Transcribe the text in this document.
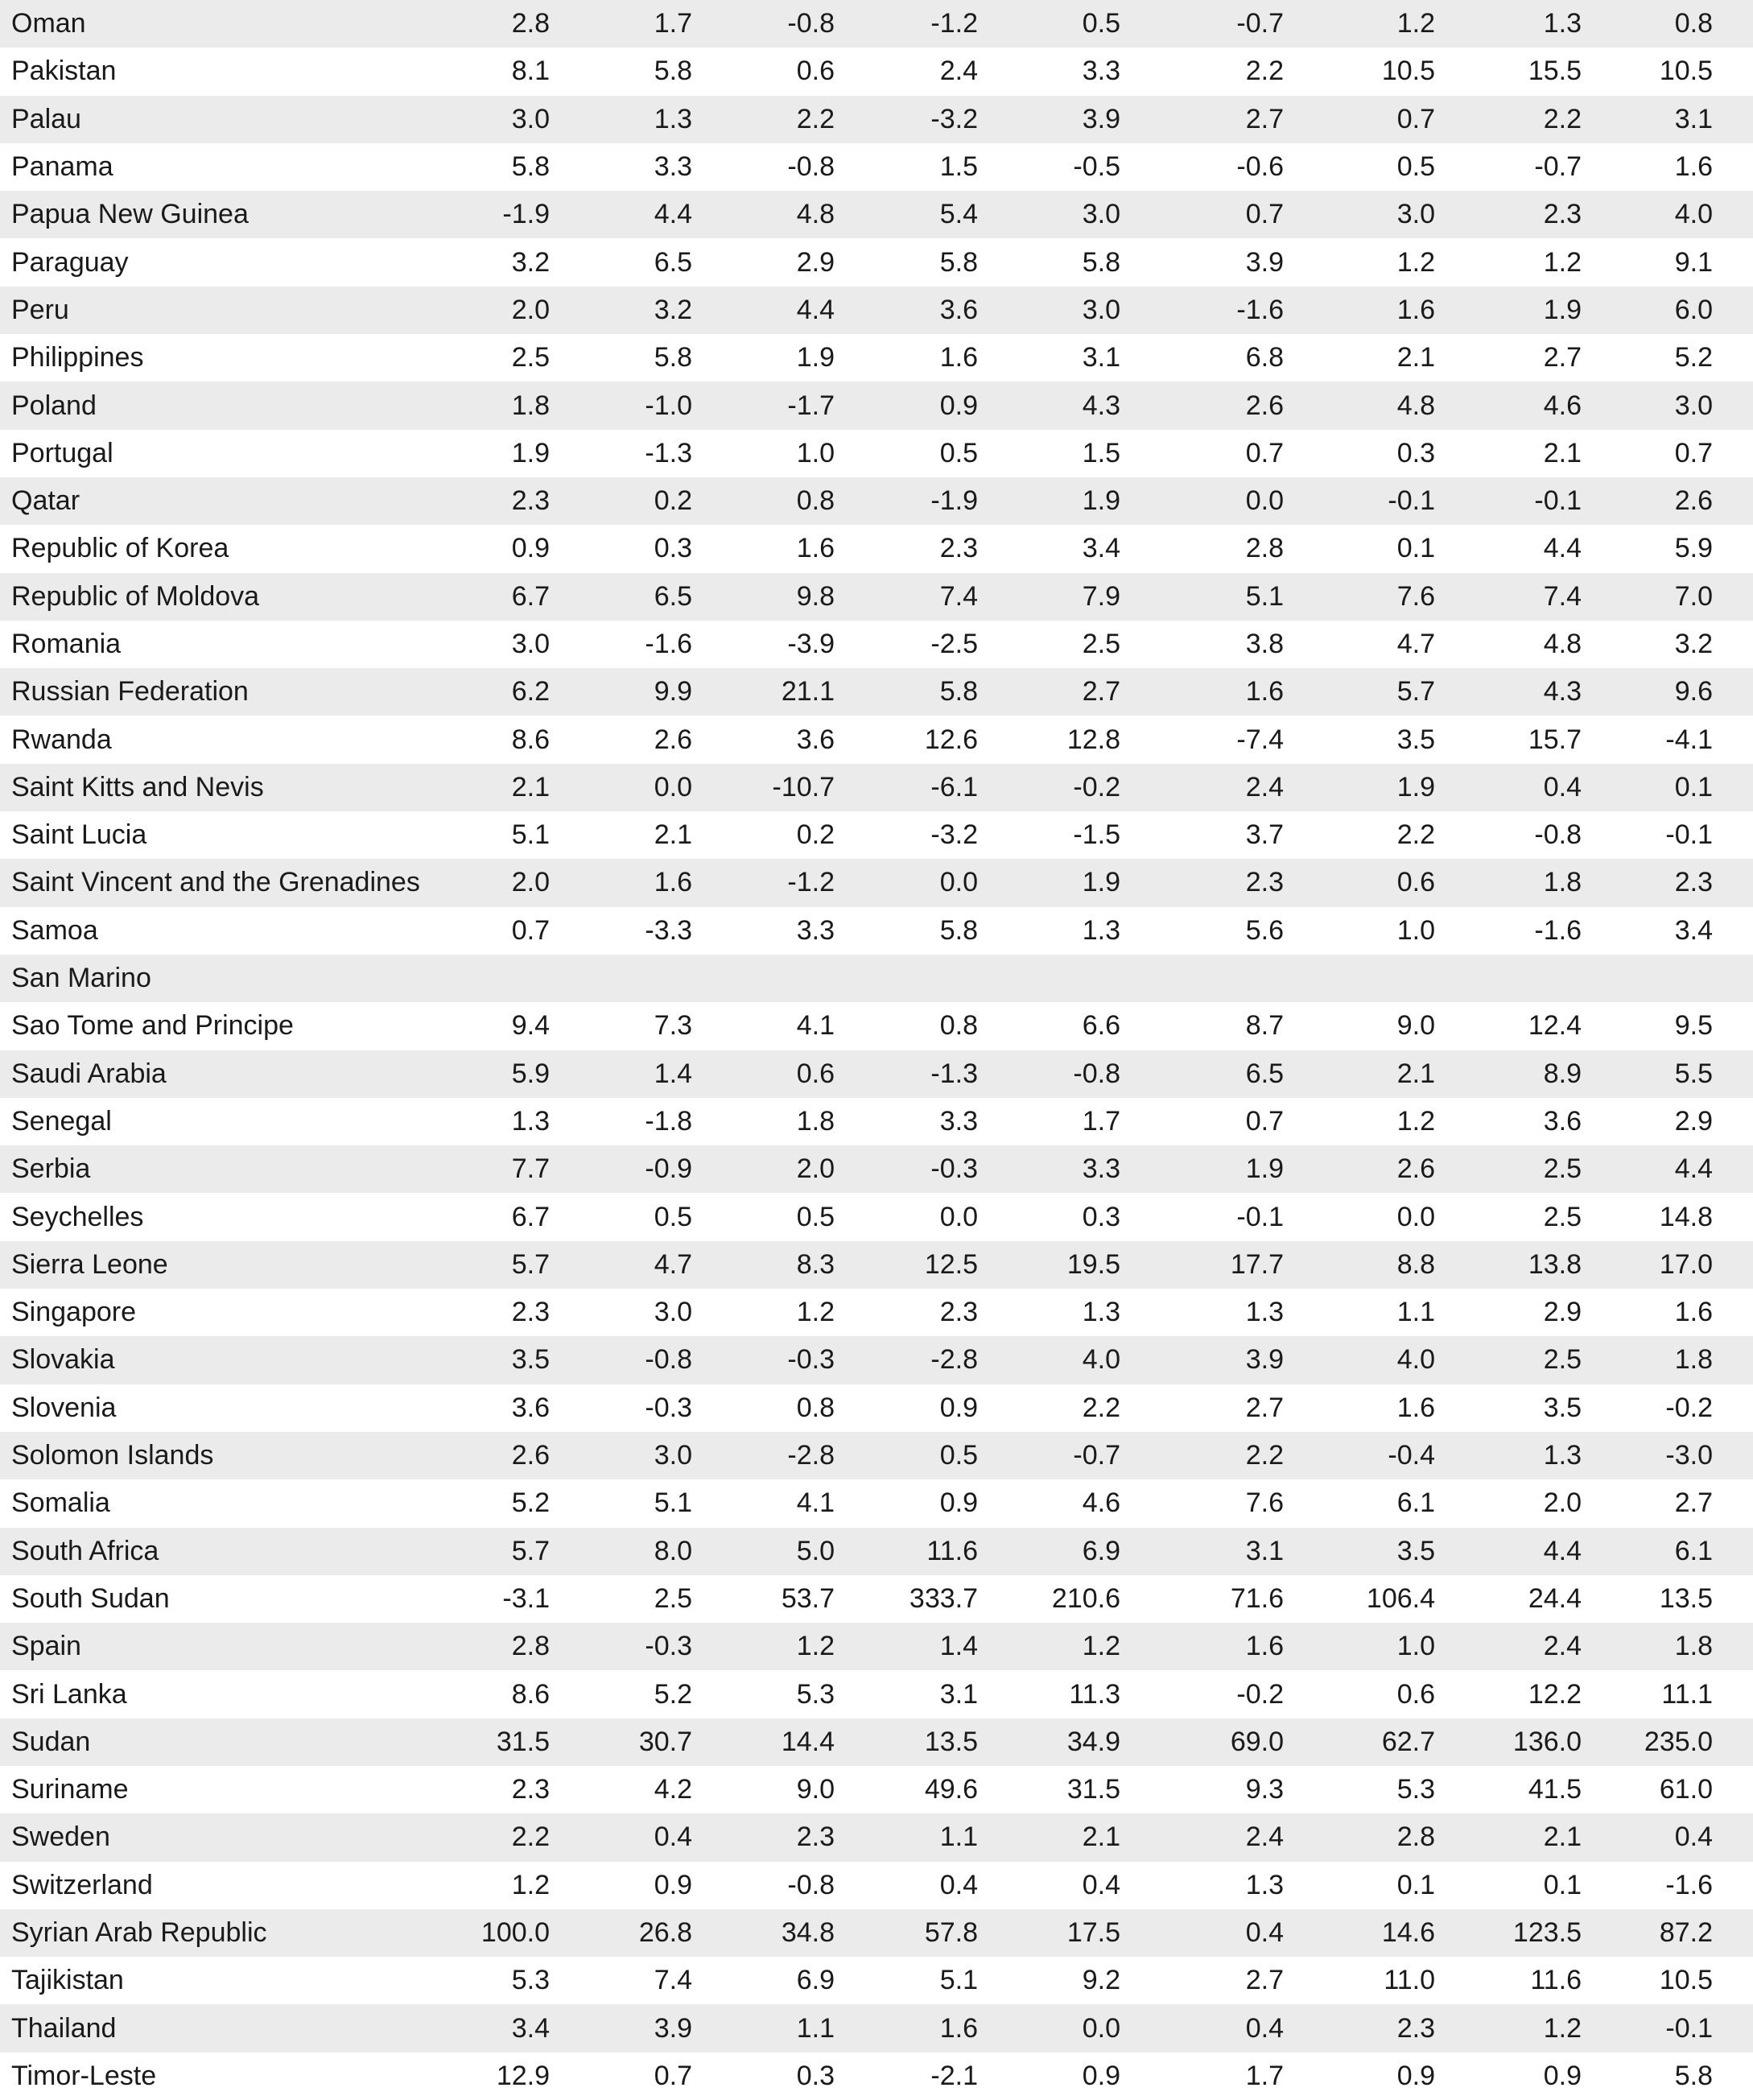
Oman	2.8	1.7	-0.8	-1.2	0.5	-0.7	1.2	1.3	0.8
Pakistan	8.1	5.8	0.6	2.4	3.3	2.2	10.5	15.5	10.5
Palau	3.0	1.3	2.2	-3.2	3.9	2.7	0.7	2.2	3.1
Panama	5.8	3.3	-0.8	1.5	-0.5	-0.6	0.5	-0.7	1.6
Papua New Guinea	-1.9	4.4	4.8	5.4	3.0	0.7	3.0	2.3	4.0
Paraguay	3.2	6.5	2.9	5.8	5.8	3.9	1.2	1.2	9.1
Peru	2.0	3.2	4.4	3.6	3.0	-1.6	1.6	1.9	6.0
Philippines	2.5	5.8	1.9	1.6	3.1	6.8	2.1	2.7	5.2
Poland	1.8	-1.0	-1.7	0.9	4.3	2.6	4.8	4.6	3.0
Portugal	1.9	-1.3	1.0	0.5	1.5	0.7	0.3	2.1	0.7
Qatar	2.3	0.2	0.8	-1.9	1.9	0.0	-0.1	-0.1	2.6
Republic of Korea	0.9	0.3	1.6	2.3	3.4	2.8	0.1	4.4	5.9
Republic of Moldova	6.7	6.5	9.8	7.4	7.9	5.1	7.6	7.4	7.0
Romania	3.0	-1.6	-3.9	-2.5	2.5	3.8	4.7	4.8	3.2
Russian Federation	6.2	9.9	21.1	5.8	2.7	1.6	5.7	4.3	9.6
Rwanda	8.6	2.6	3.6	12.6	12.8	-7.4	3.5	15.7	-4.1
Saint Kitts and Nevis	2.1	0.0	-10.7	-6.1	-0.2	2.4	1.9	0.4	0.1
Saint Lucia	5.1	2.1	0.2	-3.2	-1.5	3.7	2.2	-0.8	-0.1
Saint Vincent and the Grenadines	2.0	1.6	-1.2	0.0	1.9	2.3	0.6	1.8	2.3
Samoa	0.7	-3.3	3.3	5.8	1.3	5.6	1.0	-1.6	3.4
San Marino
Sao Tome and Principe	9.4	7.3	4.1	0.8	6.6	8.7	9.0	12.4	9.5
Saudi Arabia	5.9	1.4	0.6	-1.3	-0.8	6.5	2.1	8.9	5.5
Senegal	1.3	-1.8	1.8	3.3	1.7	0.7	1.2	3.6	2.9
Serbia	7.7	-0.9	2.0	-0.3	3.3	1.9	2.6	2.5	4.4
Seychelles	6.7	0.5	0.5	0.0	0.3	-0.1	0.0	2.5	14.8
Sierra Leone	5.7	4.7	8.3	12.5	19.5	17.7	8.8	13.8	17.0
Singapore	2.3	3.0	1.2	2.3	1.3	1.3	1.1	2.9	1.6
Slovakia	3.5	-0.8	-0.3	-2.8	4.0	3.9	4.0	2.5	1.8
Slovenia	3.6	-0.3	0.8	0.9	2.2	2.7	1.6	3.5	-0.2
Solomon Islands	2.6	3.0	-2.8	0.5	-0.7	2.2	-0.4	1.3	-3.0
Somalia	5.2	5.1	4.1	0.9	4.6	7.6	6.1	2.0	2.7
South Africa	5.7	8.0	5.0	11.6	6.9	3.1	3.5	4.4	6.1
South Sudan	-3.1	2.5	53.7	333.7	210.6	71.6	106.4	24.4	13.5
Spain	2.8	-0.3	1.2	1.4	1.2	1.6	1.0	2.4	1.8
Sri Lanka	8.6	5.2	5.3	3.1	11.3	-0.2	0.6	12.2	11.1
Sudan	31.5	30.7	14.4	13.5	34.9	69.0	62.7	136.0	235.0
Suriname	2.3	4.2	9.0	49.6	31.5	9.3	5.3	41.5	61.0
Sweden	2.2	0.4	2.3	1.1	2.1	2.4	2.8	2.1	0.4
Switzerland	1.2	0.9	-0.8	0.4	0.4	1.3	0.1	0.1	-1.6
Syrian Arab Republic	100.0	26.8	34.8	57.8	17.5	0.4	14.6	123.5	87.2
Tajikistan	5.3	7.4	6.9	5.1	9.2	2.7	11.0	11.6	10.5
Thailand	3.4	3.9	1.1	1.6	0.0	0.4	2.3	1.2	-0.1
Timor-Leste	12.9	0.7	0.3	-2.1	0.9	1.7	0.9	0.9	5.8
